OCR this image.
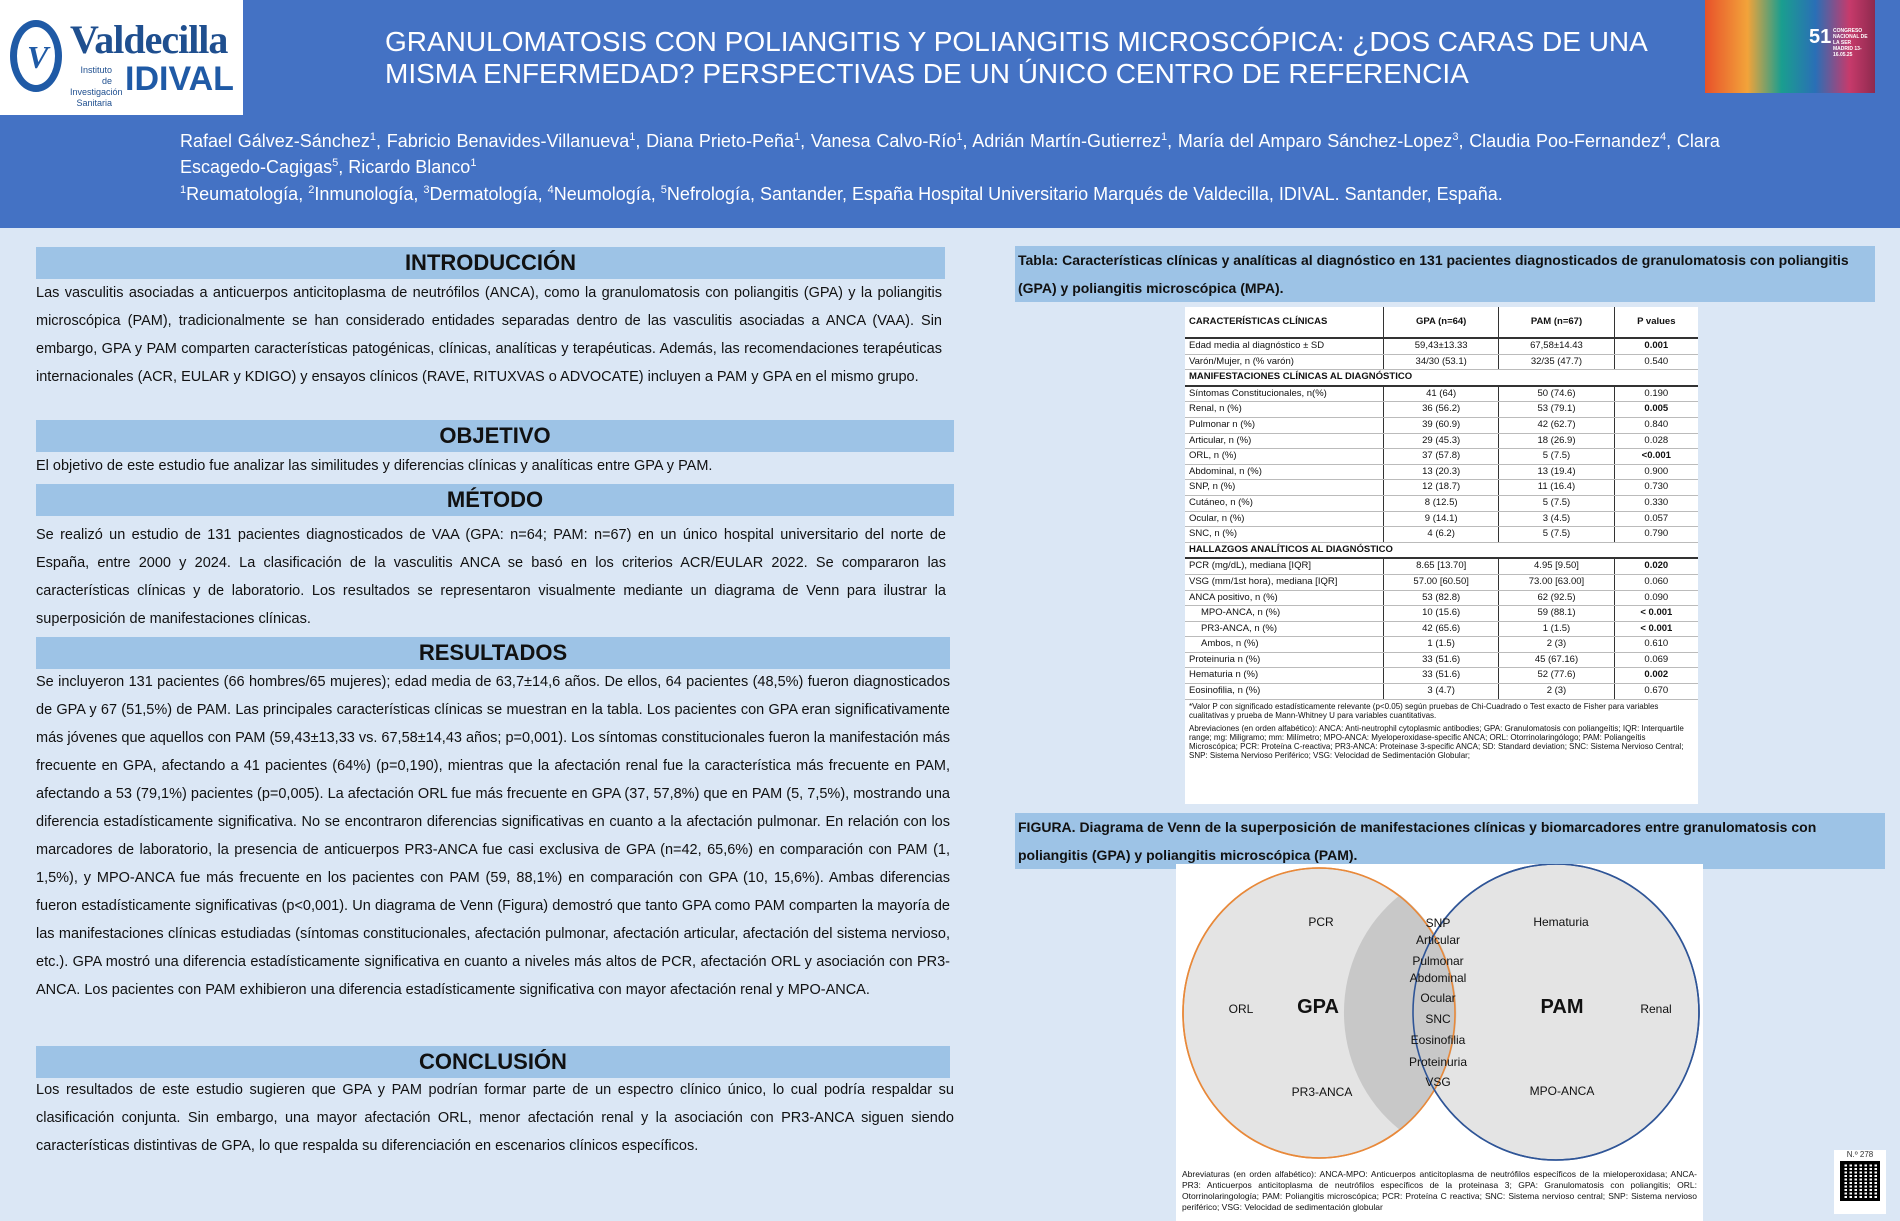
V Valdecilla
Instituto de Investigación Sanitaria
IDIVAL
GRANULOMATOSIS CON POLIANGITIS Y POLIANGITIS MICROSCÓPICA: ¿DOS CARAS DE UNA MISMA ENFERMEDAD? PERSPECTIVAS DE UN ÚNICO CENTRO DE REFERENCIA
51 CONGRESO NACIONAL DE LA SER MADRID 13-16.05.25
Rafael Gálvez-Sánchez$^1$, Fabricio Benavides-Villanueva$^1$, Diana Prieto-Peña$^1$, Vanesa Calvo-Río$^1$, Adrián Martín-Gutierrez$^1$, María del Amparo Sánchez-Lopez$^3$, Claudia Poo-Fernandez$^4$, Clara Escagedo-Cagigas$^5$, Ricardo Blanco$^1$
$^1$Reumatología, $^2$Inmunología, $^3$Dermatología, $^4$Neumología, $^5$Nefrología, Santander, España Hospital Universitario Marqués de Valdecilla, IDIVAL. Santander, España.
INTRODUCCIÓN
Las vasculitis asociadas a anticuerpos anticitoplasma de neutrófilos (ANCA), como la granulomatosis con poliangitis (GPA) y la poliangitis microscópica (PAM), tradicionalmente se han considerado entidades separadas dentro de las vasculitis asociadas a ANCA (VAA). Sin embargo, GPA y PAM comparten características patogénicas, clínicas, analíticas y terapéuticas. Además, las recomendaciones terapéuticas internacionales (ACR, EULAR y KDIGO) y ensayos clínicos (RAVE, RITUXVAS o ADVOCATE) incluyen a PAM y GPA en el mismo grupo.
OBJETIVO
El objetivo de este estudio fue analizar las similitudes y diferencias clínicas y analíticas entre GPA y PAM.
MÉTODO
Se realizó un estudio de 131 pacientes diagnosticados de VAA (GPA: n=64; PAM: n=67) en un único hospital universitario del norte de España, entre 2000 y 2024. La clasificación de la vasculitis ANCA se basó en los criterios ACR/EULAR 2022. Se compararon las características clínicas y de laboratorio. Los resultados se representaron visualmente mediante un diagrama de Venn para ilustrar la superposición de manifestaciones clínicas.
RESULTADOS
Se incluyeron 131 pacientes (66 hombres/65 mujeres); edad media de 63,7±14,6 años. De ellos, 64 pacientes (48,5%) fueron diagnosticados de GPA y 67 (51,5%) de PAM. Las principales características clínicas se muestran en la tabla. Los pacientes con GPA eran significativamente más jóvenes que aquellos con PAM (59,43±13,33 vs. 67,58±14,43 años; p=0,001). Los síntomas constitucionales fueron la manifestación más frecuente en GPA, afectando a 41 pacientes (64%) (p=0,190), mientras que la afectación renal fue la característica más frecuente en PAM, afectando a 53 (79,1%) pacientes (p=0,005). La afectación ORL fue más frecuente en GPA (37, 57,8%) que en PAM (5, 7,5%), mostrando una diferencia estadísticamente significativa. No se encontraron diferencias significativas en cuanto a la afectación pulmonar. En relación con los marcadores de laboratorio, la presencia de anticuerpos PR3-ANCA fue casi exclusiva de GPA (n=42, 65,6%) en comparación con PAM (1, 1,5%), y MPO-ANCA fue más frecuente en los pacientes con PAM (59, 88,1%) en comparación con GPA (10, 15,6%). Ambas diferencias fueron estadísticamente significativas (p<0,001). Un diagrama de Venn (Figura) demostró que tanto GPA como PAM comparten la mayoría de las manifestaciones clínicas estudiadas (síntomas constitucionales, afectación pulmonar, afectación articular, afectación del sistema nervioso, etc.). GPA mostró una diferencia estadísticamente significativa en cuanto a niveles más altos de PCR, afectación ORL y asociación con PR3-ANCA. Los pacientes con PAM exhibieron una diferencia estadísticamente significativa con mayor afectación renal y MPO-ANCA.
CONCLUSIÓN
Los resultados de este estudio sugieren que GPA y PAM podrían formar parte de un espectro clínico único, lo cual podría respaldar su clasificación conjunta. Sin embargo, una mayor afectación ORL, menor afectación renal y la asociación con PR3-ANCA siguen siendo características distintivas de GPA, lo que respalda su diferenciación en escenarios clínicos específicos.
Tabla: Características clínicas y analíticas al diagnóstico en 131 pacientes diagnosticados de granulomatosis con poliangitis (GPA) y poliangitis microscópica (MPA).
CARACTERÍSTICAS CLÍNICAS	GPA (n=64)	PAM (n=67)	P values
Edad media al diagnóstico ± SD	59,43±13.33	67,58±14.43	0.001
Varón/Mujer, n (% varón)	34/30 (53.1)	32/35 (47.7)	0.540
MANIFESTACIONES CLÍNICAS AL DIAGNÓSTICO			
Síntomas Constitucionales, n(%)	41 (64)	50 (74.6)	0.190
Renal, n (%)	36 (56.2)	53 (79.1)	0.005
Pulmonar n (%)	39 (60.9)	42 (62.7)	0.840
Articular, n (%)	29 (45.3)	18 (26.9)	0.028
ORL, n (%)	37 (57.8)	5 (7.5)	<0.001
Abdominal, n (%)	13 (20.3)	13 (19.4)	0.900
SNP, n (%)	12 (18.7)	11 (16.4)	0.730
Cutáneo, n (%)	8 (12.5)	5 (7.5)	0.330
Ocular, n (%)	9 (14.1)	3 (4.5)	0.057
SNC, n (%)	4 (6.2)	5 (7.5)	0.790
HALLAZGOS ANALÍTICOS AL DIAGNÓSTICO			
PCR (mg/dL), mediana [IQR]	8.65 [13.70]	4.95 [9.50]	0.020
VSG (mm/1st hora), mediana [IQR]	57.00 [60.50]	73.00 [63.00]	0.060
ANCA positivo, n (%)	53 (82.8)	62 (92.5)	0.090
MPO-ANCA, n (%)	10 (15.6)	59 (88.1)	< 0.001
PR3-ANCA, n (%)	42 (65.6)	1 (1.5)	< 0.001
Ambos, n (%)	1 (1.5)	2 (3)	0.610
Proteinuria n (%)	33 (51.6)	45 (67.16)	0.069
Hematuria n (%)	33 (51.6)	52 (77.6)	0.002
Eosinofilia, n (%)	3 (4.7)	2 (3)	0.670
*Valor P con significado estadísticamente relevante (p<0.05) según pruebas de Chi-Cuadrado o Test exacto de Fisher para variables cualitativas y prueba de Mann-Whitney U para variables cuantitativas.
Abreviaciones (en orden alfabético): ANCA: Anti-neutrophil cytoplasmic antibodies; GPA: Granulomatosis con poliangeítis; IQR: Interquartile range; mg: Miligramo; mm: Milímetro; MPO-ANCA: Myeloperoxidase-specific ANCA; ORL: Otorrinolaringólogo; PAM: Poliangeítis Microscópica; PCR: Proteína C-reactiva; PR3-ANCA: Proteinase 3-specific ANCA; SD: Standard deviation; SNC: Sistema Nervioso Central; SNP: Sistema Nervioso Periférico; VSG: Velocidad de Sedimentación Globular;
FIGURA. Diagrama de Venn de la superposición de manifestaciones clínicas y biomarcadores entre granulomatosis con poliangitis (GPA) y poliangitis microscópica (PAM).
GPA	PAM
PCR
ORL
PR3-ANCA
Hematuria
Renal
MPO-ANCA
SNP
Articular
Pulmonar
Abdominal
Ocular
SNC
Eosinofilia
Proteinuria
VSG
Abreviaturas (en orden alfabético): ANCA-MPO: Anticuerpos anticitoplasma de neutrófilos específicos de la mieloperoxidasa; ANCA-PR3: Anticuerpos anticitoplasma de neutrófilos específicos de la proteinasa 3; GPA: Granulomatosis con poliangitis; ORL: Otorrinolaringología; PAM: Poliangitis microscópica; PCR: Proteína C reactiva; SNC: Sistema nervioso central; SNP: Sistema nervioso periférico; VSG: Velocidad de sedimentación globular
N.º 278
